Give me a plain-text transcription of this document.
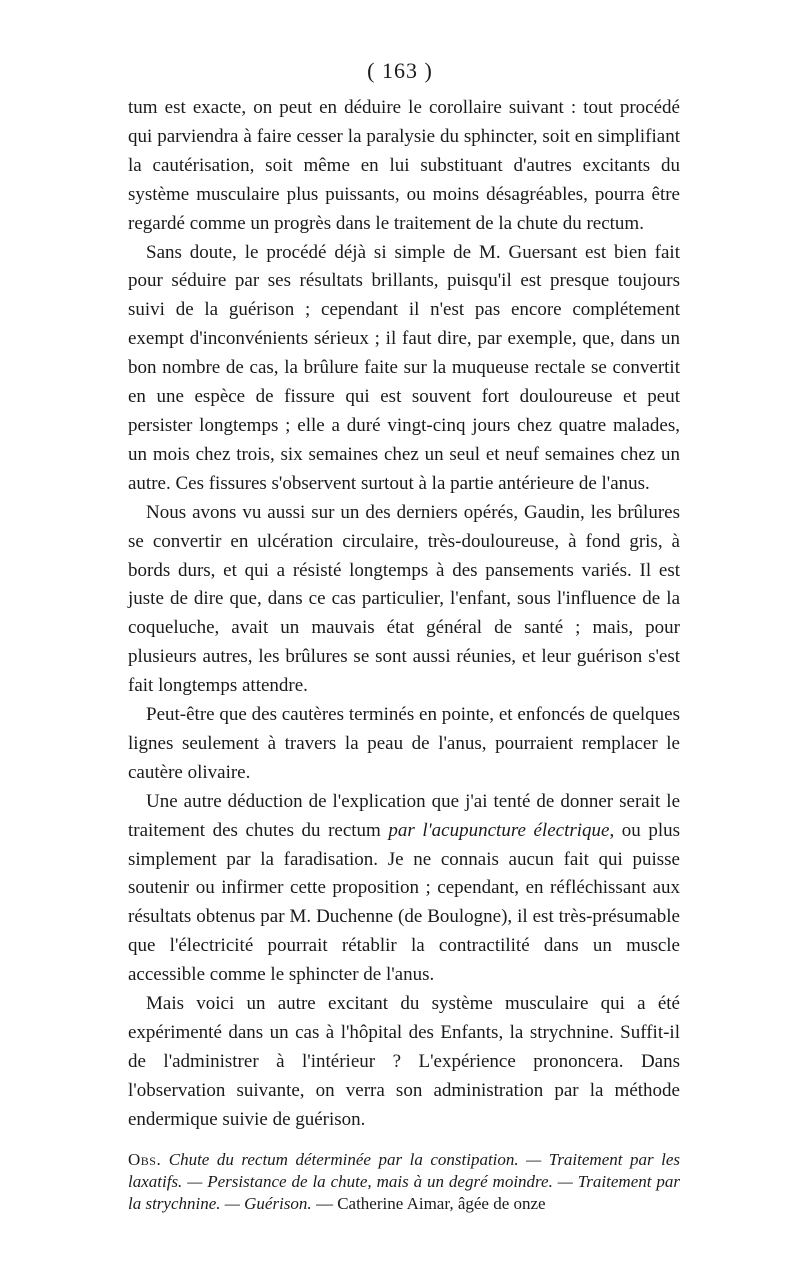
( 163 )

tum est exacte, on peut en déduire le corollaire suivant : tout procédé qui parviendra à faire cesser la paralysie du sphincter, soit en simplifiant la cautérisation, soit même en lui substituant d'autres excitants du système musculaire plus puissants, ou moins désagréables, pourra être regardé comme un progrès dans le traitement de la chute du rectum.

Sans doute, le procédé déjà si simple de M. Guersant est bien fait pour séduire par ses résultats brillants, puisqu'il est presque toujours suivi de la guérison ; cependant il n'est pas encore complétement exempt d'inconvénients sérieux ; il faut dire, par exemple, que, dans un bon nombre de cas, la brûlure faite sur la muqueuse rectale se convertit en une espèce de fissure qui est souvent fort douloureuse et peut persister longtemps ; elle a duré vingt-cinq jours chez quatre malades, un mois chez trois, six semaines chez un seul et neuf semaines chez un autre. Ces fissures s'observent surtout à la partie antérieure de l'anus.

Nous avons vu aussi sur un des derniers opérés, Gaudin, les brûlures se convertir en ulcération circulaire, très-douloureuse, à fond gris, à bords durs, et qui a résisté longtemps à des pansements variés. Il est juste de dire que, dans ce cas particulier, l'enfant, sous l'influence de la coqueluche, avait un mauvais état général de santé ; mais, pour plusieurs autres, les brûlures se sont aussi réunies, et leur guérison s'est fait longtemps attendre.

Peut-être que des cautères terminés en pointe, et enfoncés de quelques lignes seulement à travers la peau de l'anus, pourraient remplacer le cautère olivaire.

Une autre déduction de l'explication que j'ai tenté de donner serait le traitement des chutes du rectum par l'acupuncture électrique, ou plus simplement par la faradisation. Je ne connais aucun fait qui puisse soutenir ou infirmer cette proposition ; cependant, en réfléchissant aux résultats obtenus par M. Duchenne (de Boulogne), il est très-présumable que l'électricité pourrait rétablir la contractilité dans un muscle accessible comme le sphincter de l'anus.

Mais voici un autre excitant du système musculaire qui a été expérimenté dans un cas à l'hôpital des Enfants, la strychnine. Suffit-il de l'administrer à l'intérieur ? L'expérience prononcera. Dans l'observation suivante, on verra son administration par la méthode endermique suivie de guérison.

Obs. Chute du rectum déterminée par la constipation. — Traitement par les laxatifs. — Persistance de la chute, mais à un degré moindre. — Traitement par la strychnine. — Guérison. — Catherine Aimar, âgée de onze
